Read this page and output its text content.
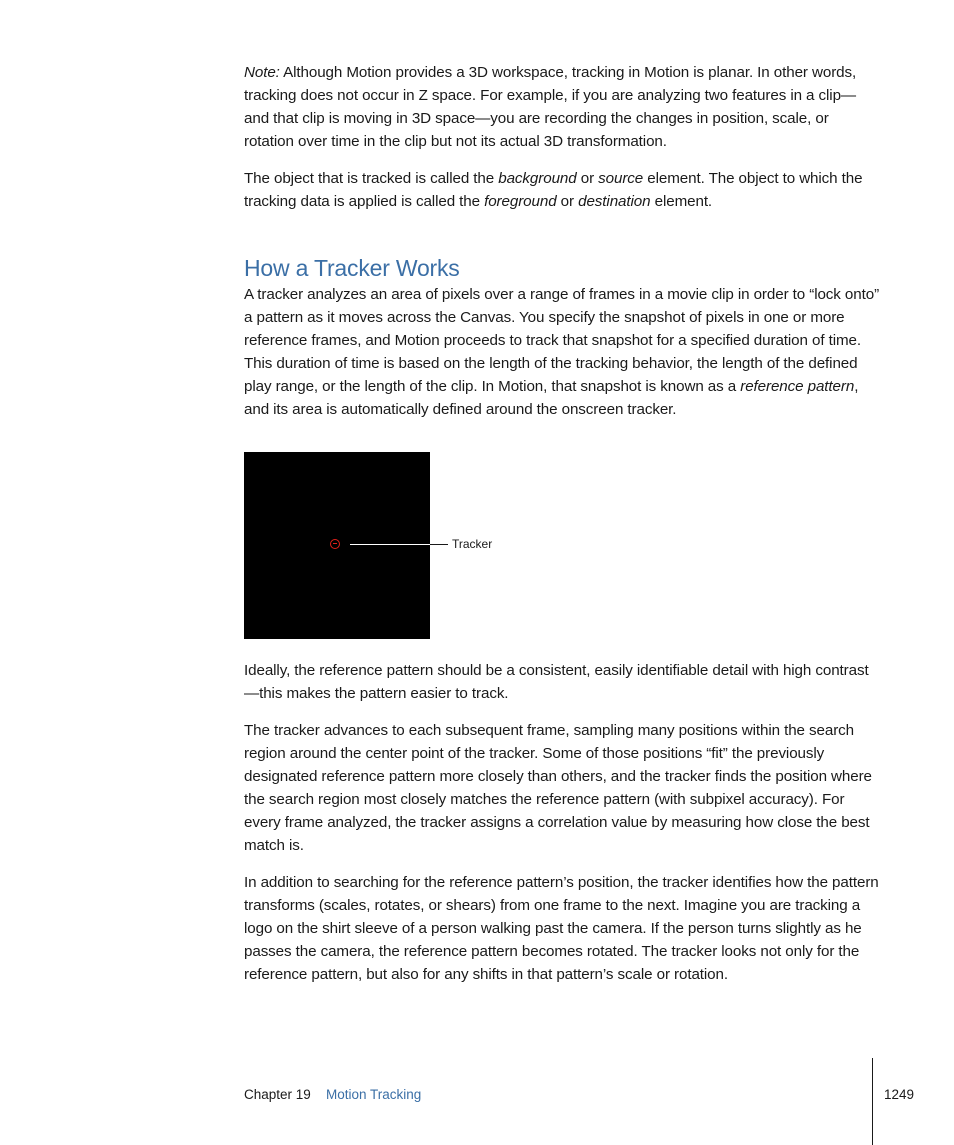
Note: Although Motion provides a 3D workspace, tracking in Motion is planar. In other words, tracking does not occur in Z space. For example, if you are analyzing two features in a clip—and that clip is moving in 3D space—you are recording the changes in position, scale, or rotation over time in the clip but not its actual 3D transformation.

The object that is tracked is called the background or source element. The object to which the tracking data is applied is called the foreground or destination element.

How a Tracker Works

A tracker analyzes an area of pixels over a range of frames in a movie clip in order to “lock onto” a pattern as it moves across the Canvas. You specify the snapshot of pixels in one or more reference frames, and Motion proceeds to track that snapshot for a specified duration of time. This duration of time is based on the length of the tracking behavior, the length of the defined play range, or the length of the clip. In Motion, that snapshot is known as a reference pattern, and its area is automatically defined around the onscreen tracker.

Tracker

Ideally, the reference pattern should be a consistent, easily identifiable detail with high contrast—this makes the pattern easier to track.

The tracker advances to each subsequent frame, sampling many positions within the search region around the center point of the tracker. Some of those positions “fit” the previously designated reference pattern more closely than others, and the tracker finds the position where the search region most closely matches the reference pattern (with subpixel accuracy). For every frame analyzed, the tracker assigns a correlation value by measuring how close the best match is.

In addition to searching for the reference pattern’s position, the tracker identifies how the pattern transforms (scales, rotates, or shears) from one frame to the next. Imagine you are tracking a logo on the shirt sleeve of a person walking past the camera. If the person turns slightly as he passes the camera, the reference pattern becomes rotated. The tracker looks not only for the reference pattern, but also for any shifts in that pattern’s scale or rotation.

Chapter 19 Motion Tracking	1249
